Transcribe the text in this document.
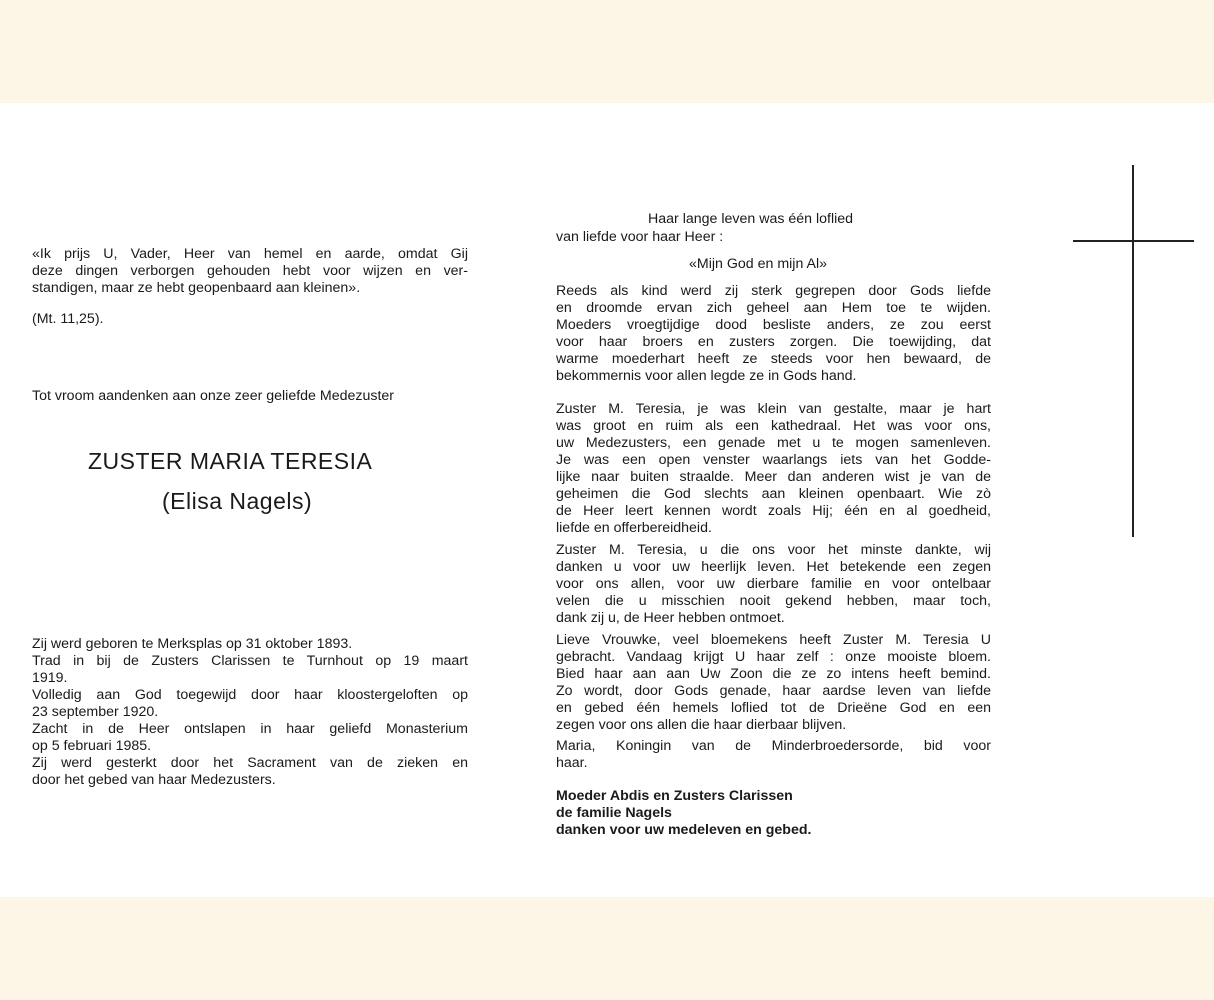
«Ik prijs U, Vader, Heer van hemel en aarde, omdat Gij
deze dingen verborgen gehouden hebt voor wijzen en ver-
standigen, maar ze hebt geopenbaard aan kleinen».
(Mt. 11,25).
Tot vroom aandenken aan onze zeer geliefde Medezuster
ZUSTER MARIA TERESIA
(Elisa Nagels)
Zij werd geboren te Merksplas op 31 oktober 1893.
Trad in bij de Zusters Clarissen te Turnhout op 19 maart
1919.
Volledig aan God toegewijd door haar kloostergeloften op
23 september 1920.
Zacht in de Heer ontslapen in haar geliefd Monasterium
op 5 februari 1985.
Zij werd gesterkt door het Sacrament van de zieken en
door het gebed van haar Medezusters.
Haar lange leven was één loflied
van liefde voor haar Heer :
«Mijn God en mijn Al»
Reeds als kind werd zij sterk gegrepen door Gods liefde
en droomde ervan zich geheel aan Hem toe te wijden.
Moeders vroegtijdige dood besliste anders, ze zou eerst
voor haar broers en zusters zorgen. Die toewijding, dat
warme moederhart heeft ze steeds voor hen bewaard, de
bekommernis voor allen legde ze in Gods hand.
Zuster M. Teresia, je was klein van gestalte, maar je hart
was groot en ruim als een kathedraal. Het was voor ons,
uw Medezusters, een genade met u te mogen samenleven.
Je was een open venster waarlangs iets van het Godde-
lijke naar buiten straalde. Meer dan anderen wist je van de
geheimen die God slechts aan kleinen openbaart. Wie zò
de Heer leert kennen wordt zoals Hij; één en al goedheid,
liefde en offerbereidheid.
Zuster M. Teresia, u die ons voor het minste dankte, wij
danken u voor uw heerlijk leven. Het betekende een zegen
voor ons allen, voor uw dierbare familie en voor ontelbaar
velen die u misschien nooit gekend hebben, maar toch,
dank zij u, de Heer hebben ontmoet.
Lieve Vrouwke, veel bloemekens heeft Zuster M. Teresia U
gebracht. Vandaag krijgt U haar zelf : onze mooiste bloem.
Bied haar aan aan Uw Zoon die ze zo intens heeft bemind.
Zo wordt, door Gods genade, haar aardse leven van liefde
en gebed één hemels loflied tot de Drieëne God en een
zegen voor ons allen die haar dierbaar blijven.
Maria, Koningin van de Minderbroedersorde, bid voor
haar.
Moeder Abdis en Zusters Clarissen
de familie Nagels
danken voor uw medeleven en gebed.
